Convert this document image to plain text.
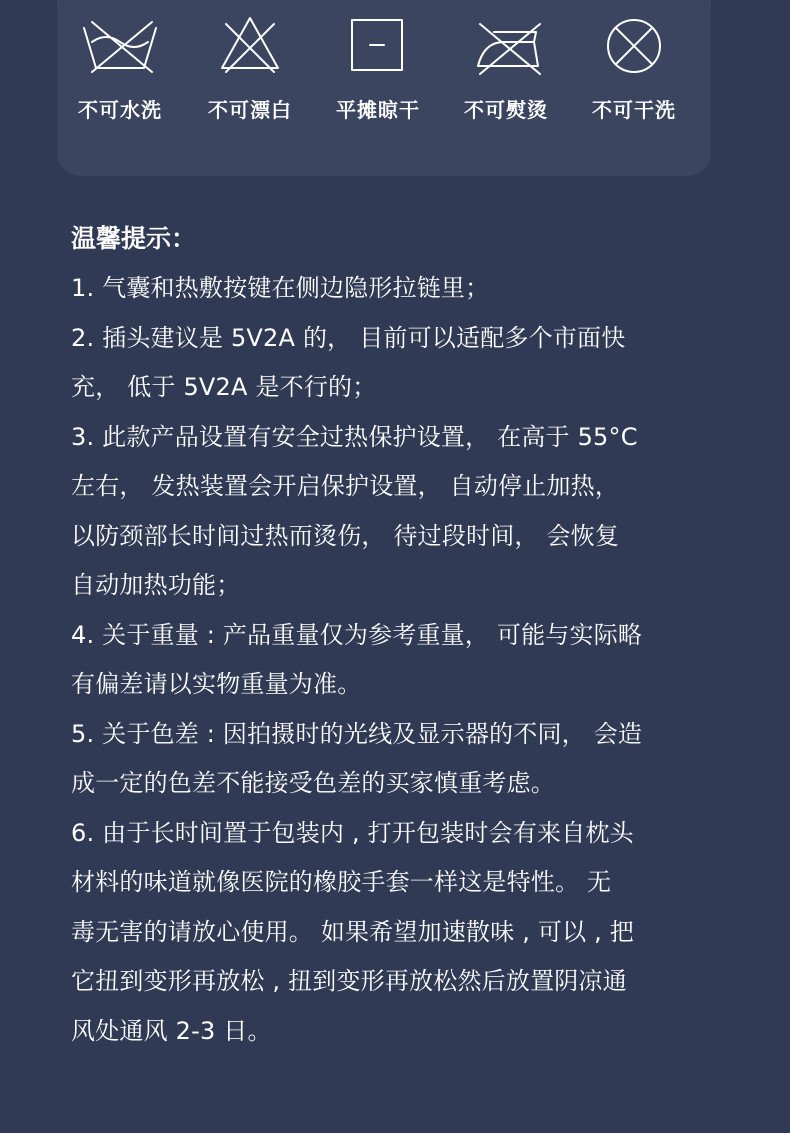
不可水洗	不可漂白	平摊晾干	不可熨烫	不可干洗

温馨提示：

1. 气囊和热敷按键在侧边隐形拉链里；

2. 插头建议是 5V2A 的， 目前可以适配多个市面快

充， 低于 5V2A 是不行的；

3. 此款产品设置有安全过热保护设置， 在高于 55°C

左右， 发热装置会开启保护设置， 自动停止加热，

以防颈部长时间过热而烫伤， 待过段时间， 会恢复

自动加热功能；

4. 关于重量 : 产品重量仅为参考重量， 可能与实际略

有偏差请以实物重量为准。

5. 关于色差 : 因拍摄时的光线及显示器的不同， 会造

成一定的色差不能接受色差的买家慎重考虑。

6. 由于长时间置于包装内 , 打开包装时会有来自枕头

材料的味道就像医院的橡胶手套一样这是特性。 无

毒无害的请放心使用。 如果希望加速散味 , 可以 , 把

它扭到变形再放松 , 扭到变形再放松然后放置阴凉通

风处通风 2-3 日。
